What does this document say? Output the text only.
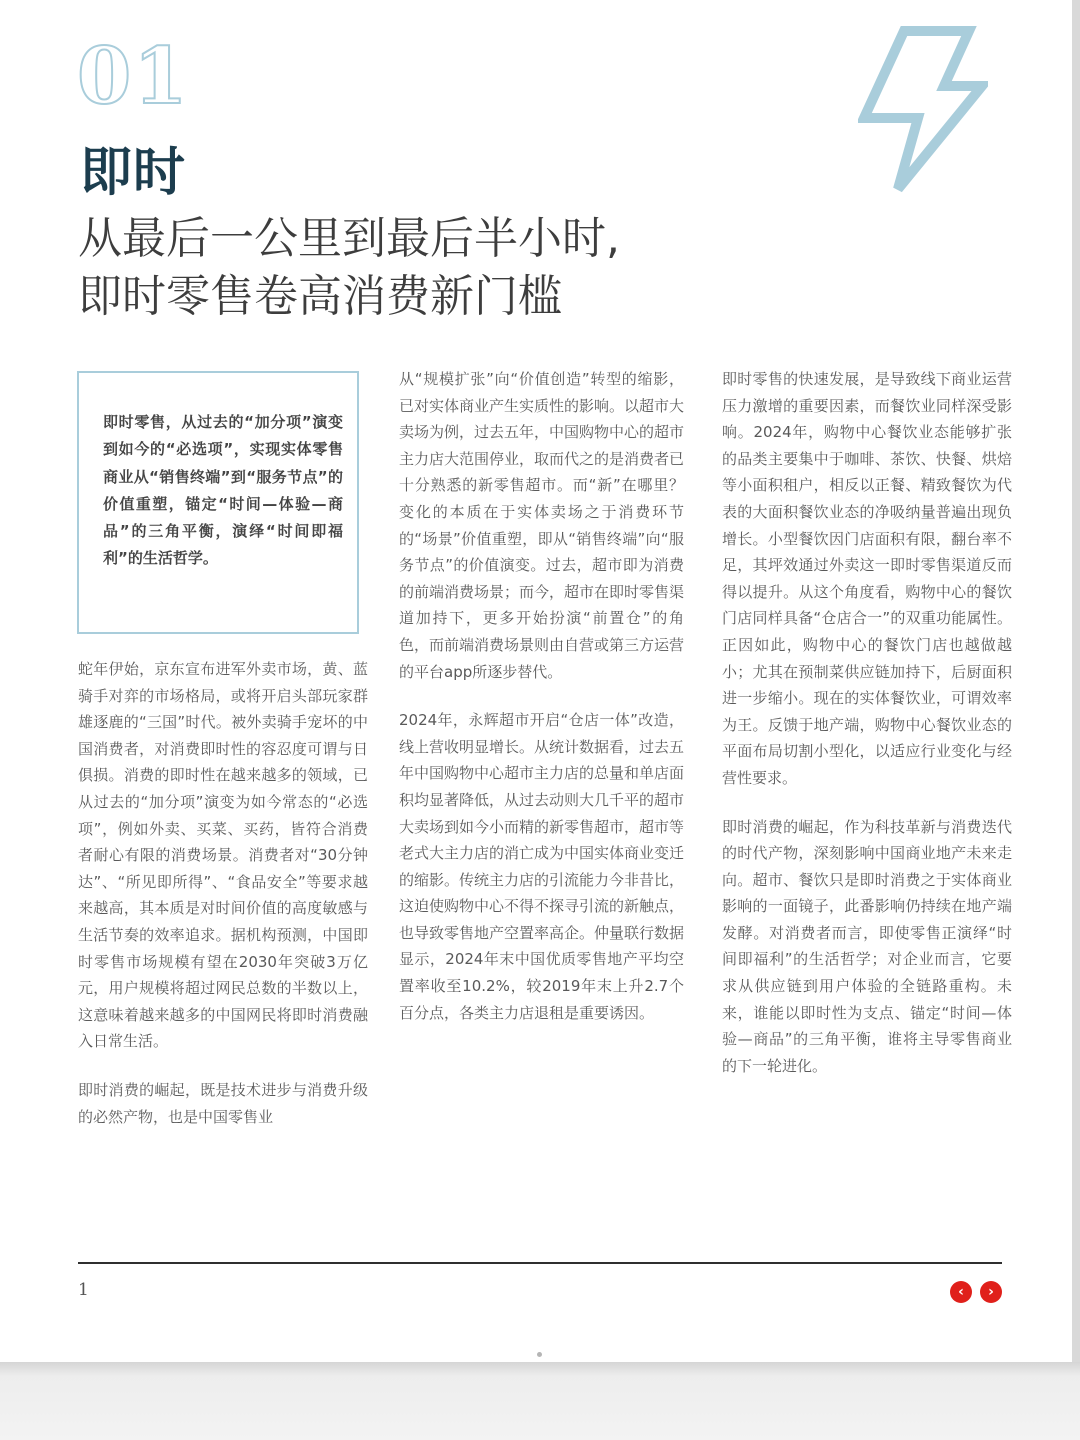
01
即时
从最后一公里到最后半小时,
即时零售卷高消费新门槛
即时零售，从过去的“加分项”演变到如今的“必选项”，实现实体零售商业从“销售终端”到“服务节点”的价值重塑，锚定“时间—体验—商品”的三角平衡，演绎“时间即福利”的生活哲学。

蛇年伊始，京东宣布进军外卖市场，黄、蓝骑手对弈的市场格局，或将开启头部玩家群雄逐鹿的“三国”时代。被外卖骑手宠坏的中国消费者，对消费即时性的容忍度可谓与日俱损。消费的即时性在越来越多的领域，已从过去的“加分项”演变为如今常态的“必选项”，例如外卖、买菜、买药，皆符合消费者耐心有限的消费场景。消费者对“30分钟达”、“所见即所得”、“食品安全”等要求越来越高，其本质是对时间价值的高度敏感与生活节奏的效率追求。据机构预测，中国即时零售市场规模有望在2030年突破3万亿元，用户规模将超过网民总数的半数以上，这意味着越来越多的中国网民将即时消费融入日常生活。

即时消费的崛起，既是技术进步与消费升级的必然产物，也是中国零售业

从“规模扩张”向“价值创造”转型的缩影，已对实体商业产生实质性的影响。以超市大卖场为例，过去五年，中国购物中心的超市主力店大范围停业，取而代之的是消费者已十分熟悉的新零售超市。而“新”在哪里？变化的本质在于实体卖场之于消费环节的“场景”价值重塑，即从“销售终端”向“服务节点”的价值演变。过去，超市即为消费的前端消费场景；而今，超市在即时零售渠道加持下，更多开始扮演“前置仓”的角色，而前端消费场景则由自营或第三方运营的平台app所逐步替代。

2024年，永辉超市开启“仓店一体”改造，线上营收明显增长。从统计数据看，过去五年中国购物中心超市主力店的总量和单店面积均显著降低，从过去动则大几千平的超市大卖场到如今小而精的新零售超市，超市等老式大主力店的消亡成为中国实体商业变迁的缩影。传统主力店的引流能力今非昔比，这迫使购物中心不得不探寻引流的新触点，也导致零售地产空置率高企。仲量联行数据显示，2024年末中国优质零售地产平均空置率收至10.2%，较2019年末上升2.7个百分点，各类主力店退租是重要诱因。

即时零售的快速发展，是导致线下商业运营压力激增的重要因素，而餐饮业同样深受影响。2024年，购物中心餐饮业态能够扩张的品类主要集中于咖啡、茶饮、快餐、烘焙等小面积租户，相反以正餐、精致餐饮为代表的大面积餐饮业态的净吸纳量普遍出现负增长。小型餐饮因门店面积有限，翻台率不足，其坪效通过外卖这一即时零售渠道反而得以提升。从这个角度看，购物中心的餐饮门店同样具备“仓店合一”的双重功能属性。正因如此，购物中心的餐饮门店也越做越小；尤其在预制菜供应链加持下，后厨面积进一步缩小。现在的实体餐饮业，可谓效率为王。反馈于地产端，购物中心餐饮业态的平面布局切割小型化，以适应行业变化与经营性要求。

即时消费的崛起，作为科技革新与消费迭代的时代产物，深刻影响中国商业地产未来走向。超市、餐饮只是即时消费之于实体商业影响的一面镜子，此番影响仍持续在地产端发酵。对消费者而言，即使零售正演绎“时间即福利”的生活哲学；对企业而言，它要求从供应链到用户体验的全链路重构。未来，谁能以即时性为支点、锚定“时间—体验—商品”的三角平衡，谁将主导零售商业的下一轮进化。

1	‹	›
